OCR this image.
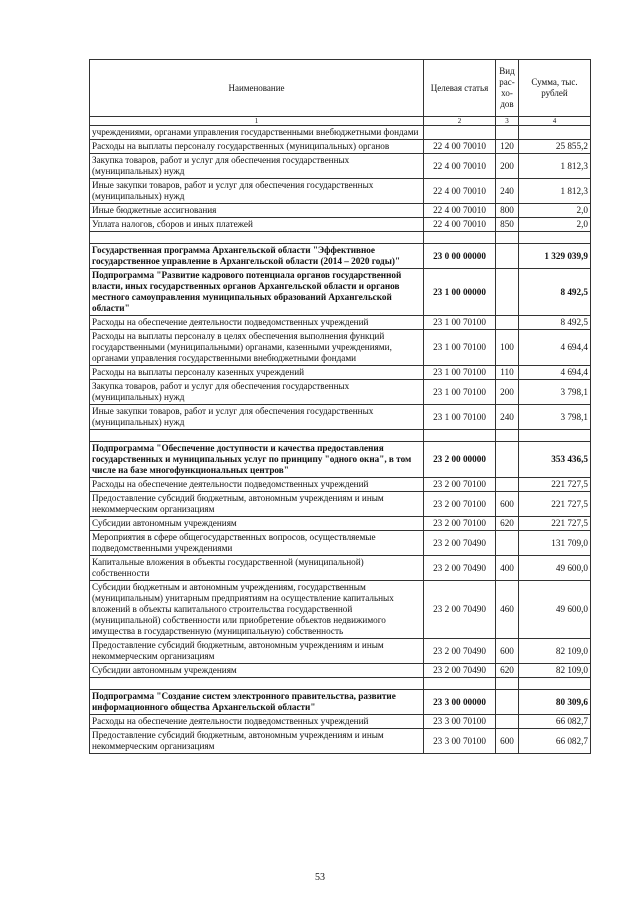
Наименование	Целевая статья	Вид рас-хо-дов	Сумма, тыс. рублей
1	2	3	4
учреждениями, органами управления государственными внебюджетными фондами			
Расходы на выплаты персоналу государственных (муниципальных) органов	22 4 00 70010	120	25 855,2
Закупка товаров, работ и услуг для обеспечения государственных (муниципальных) нужд	22 4 00 70010	200	1 812,3
Иные закупки товаров, работ и услуг для обеспечения государственных (муниципальных) нужд	22 4 00 70010	240	1 812,3
Иные бюджетные ассигнования	22 4 00 70010	800	2,0
Уплата налогов, сборов и иных платежей	22 4 00 70010	850	2,0

Государственная программа Архангельской области "Эффективное государственное управление в Архангельской области (2014 – 2020 годы)"	23 0 00 00000		1 329 039,9
Подпрограмма "Развитие кадрового потенциала органов государственной власти, иных государственных органов Архангельской области и органов местного самоуправления муниципальных образований Архангельской области"	23 1 00 00000		8 492,5
Расходы на обеспечение деятельности подведомственных учреждений	23 1 00 70100		8 492,5
Расходы на выплаты персоналу в целях обеспечения выполнения функций государственными (муниципальными) органами, казенными учреждениями, органами управления государственными внебюджетными фондами	23 1 00 70100	100	4 694,4
Расходы на выплаты персоналу казенных учреждений	23 1 00 70100	110	4 694,4
Закупка товаров, работ и услуг для обеспечения государственных (муниципальных) нужд	23 1 00 70100	200	3 798,1
Иные закупки товаров, работ и услуг для обеспечения государственных (муниципальных) нужд	23 1 00 70100	240	3 798,1

Подпрограмма "Обеспечение доступности и качества предоставления государственных и муниципальных услуг по принципу "одного окна", в том числе на базе многофункциональных центров"	23 2 00 00000		353 436,5
Расходы на обеспечение деятельности подведомственных учреждений	23 2 00 70100		221 727,5
Предоставление субсидий бюджетным, автономным учреждениям и иным некоммерческим организациям	23 2 00 70100	600	221 727,5
Субсидии автономным учреждениям	23 2 00 70100	620	221 727,5
Мероприятия в сфере общегосударственных вопросов, осуществляемые подведомственными учреждениями	23 2 00 70490		131 709,0
Капитальные вложения в объекты государственной (муниципальной) собственности	23 2 00 70490	400	49 600,0
Субсидии бюджетным и автономным учреждениям, государственным (муниципальным) унитарным предприятиям на осуществление капитальных вложений в объекты капитального строительства государственной (муниципальной) собственности или приобретение объектов недвижимого имущества в государственную (муниципальную) собственность	23 2 00 70490	460	49 600,0
Предоставление субсидий бюджетным, автономным учреждениям и иным некоммерческим организациям	23 2 00 70490	600	82 109,0
Субсидии автономным учреждениям	23 2 00 70490	620	82 109,0

Подпрограмма "Создание систем электронного правительства, развитие информационного общества Архангельской области"	23 3 00 00000		80 309,6
Расходы на обеспечение деятельности подведомственных учреждений	23 3 00 70100		66 082,7
Предоставление субсидий бюджетным, автономным учреждениям и иным некоммерческим организациям	23 3 00 70100	600	66 082,7
53
